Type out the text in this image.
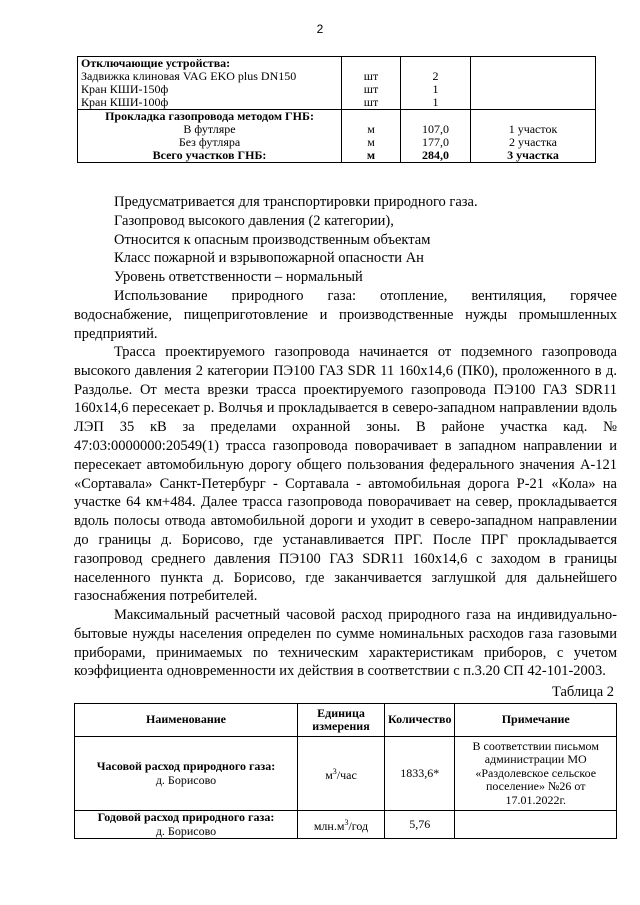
2
Отключающие устройства:			
Задвижка клиновая VAG EKO plus DN150	шт	2	
Кран КШИ-150ф	шт	1	
Кран КШИ-100ф	шт	1	
Прокладка газопровода методом ГНБ:			
В футляре	м	107,0	1 участок
Без футляра	м	177,0	2 участка
Всего участков ГНБ:	м	284,0	3 участка
Предусматривается для транспортировки природного газа.
Газопровод высокого давления (2 категории),
Относится к опасным производственным объектам
Класс пожарной и взрывопожарной опасности Ан
Уровень ответственности – нормальный
Использование природного газа: отопление, вентиляция, горячее водоснабжение, пищеприготовление и производственные нужды промышленных предприятий.
Трасса проектируемого газопровода начинается от подземного газопровода высокого давления 2 категории ПЭ100 ГАЗ SDR 11 160х14,6 (ПК0), проложенного в д. Раздолье. От места врезки трасса проектируемого газопровода ПЭ100 ГАЗ SDR11 160х14,6 пересекает р. Волчья и прокладывается в северо-западном направлении вдоль ЛЭП 35 кВ за пределами охранной зоны. В районе участка кад. № 47:03:0000000:20549(1) трасса газопровода поворачивает в западном направлении и пересекает автомобильную дорогу общего пользования федерального значения А-121 «Сортавала» Санкт-Петербург - Сортавала - автомобильная дорога Р-21 «Кола» на участке 64 км+484. Далее трасса газопровода поворачивает на север, прокладывается вдоль полосы отвода автомобильной дороги и уходит в северо-западном направлении до границы д. Борисово, где устанавливается ПРГ. После ПРГ прокладывается газопровод среднего давления ПЭ100 ГАЗ SDR11 160х14,6 с заходом в границы населенного пункта д. Борисово, где заканчивается заглушкой для дальнейшего газоснабжения потребителей.
Максимальный расчетный часовой расход природного газа на индивидуально-бытовые нужды населения определен по сумме номинальных расходов газа газовыми приборами, принимаемых по техническим характеристикам приборов, с учетом коэффициента одновременности их действия в соответствии с п.3.20 СП 42-101-2003.
Таблица 2
Наименование	Единица измерения	Количество	Примечание

Часовой расход природного газа:
д. Борисово	$м^3$/час	1833,6*	В соответствии письмом администрации МО «Раздолевское сельское поселение» №26 от 17.01.2022г.

Годовой расход природного газа:
д. Борисово	$млн.м^3$/год	5,76	
